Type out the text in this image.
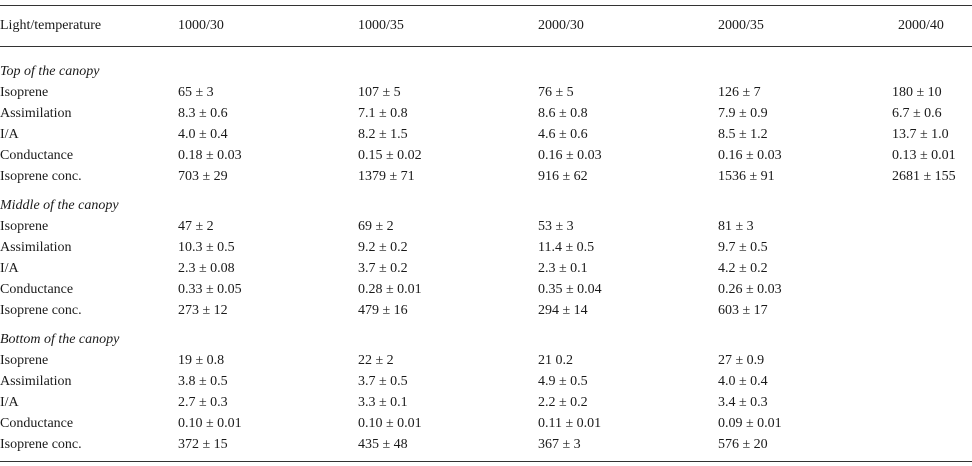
Light/temperature	1000/30	1000/35	2000/30	2000/35	2000/40
Top of the canopy
Isoprene	65 ± 3	107 ± 5	76 ± 5	126 ± 7	180 ± 10
Assimilation	8.3 ± 0.6	7.1 ± 0.8	8.6 ± 0.8	7.9 ± 0.9	6.7 ± 0.6
I/A	4.0 ± 0.4	8.2 ± 1.5	4.6 ± 0.6	8.5 ± 1.2	13.7 ± 1.0
Conductance	0.18 ± 0.03	0.15 ± 0.02	0.16 ± 0.03	0.16 ± 0.03	0.13 ± 0.01
Isoprene conc.	703 ± 29	1379 ± 71	916 ± 62	1536 ± 91	2681 ± 155
Middle of the canopy
Isoprene	47 ± 2	69 ± 2	53 ± 3	81 ± 3
Assimilation	10.3 ± 0.5	9.2 ± 0.2	11.4 ± 0.5	9.7 ± 0.5
I/A	2.3 ± 0.08	3.7 ± 0.2	2.3 ± 0.1	4.2 ± 0.2
Conductance	0.33 ± 0.05	0.28 ± 0.01	0.35 ± 0.04	0.26 ± 0.03
Isoprene conc.	273 ± 12	479 ± 16	294 ± 14	603 ± 17
Bottom of the canopy
Isoprene	19 ± 0.8	22 ± 2	21 0.2	27 ± 0.9
Assimilation	3.8 ± 0.5	3.7 ± 0.5	4.9 ± 0.5	4.0 ± 0.4
I/A	2.7 ± 0.3	3.3 ± 0.1	2.2 ± 0.2	3.4 ± 0.3
Conductance	0.10 ± 0.01	0.10 ± 0.01	0.11 ± 0.01	0.09 ± 0.01
Isoprene conc.	372 ± 15	435 ± 48	367 ± 3	576 ± 20
